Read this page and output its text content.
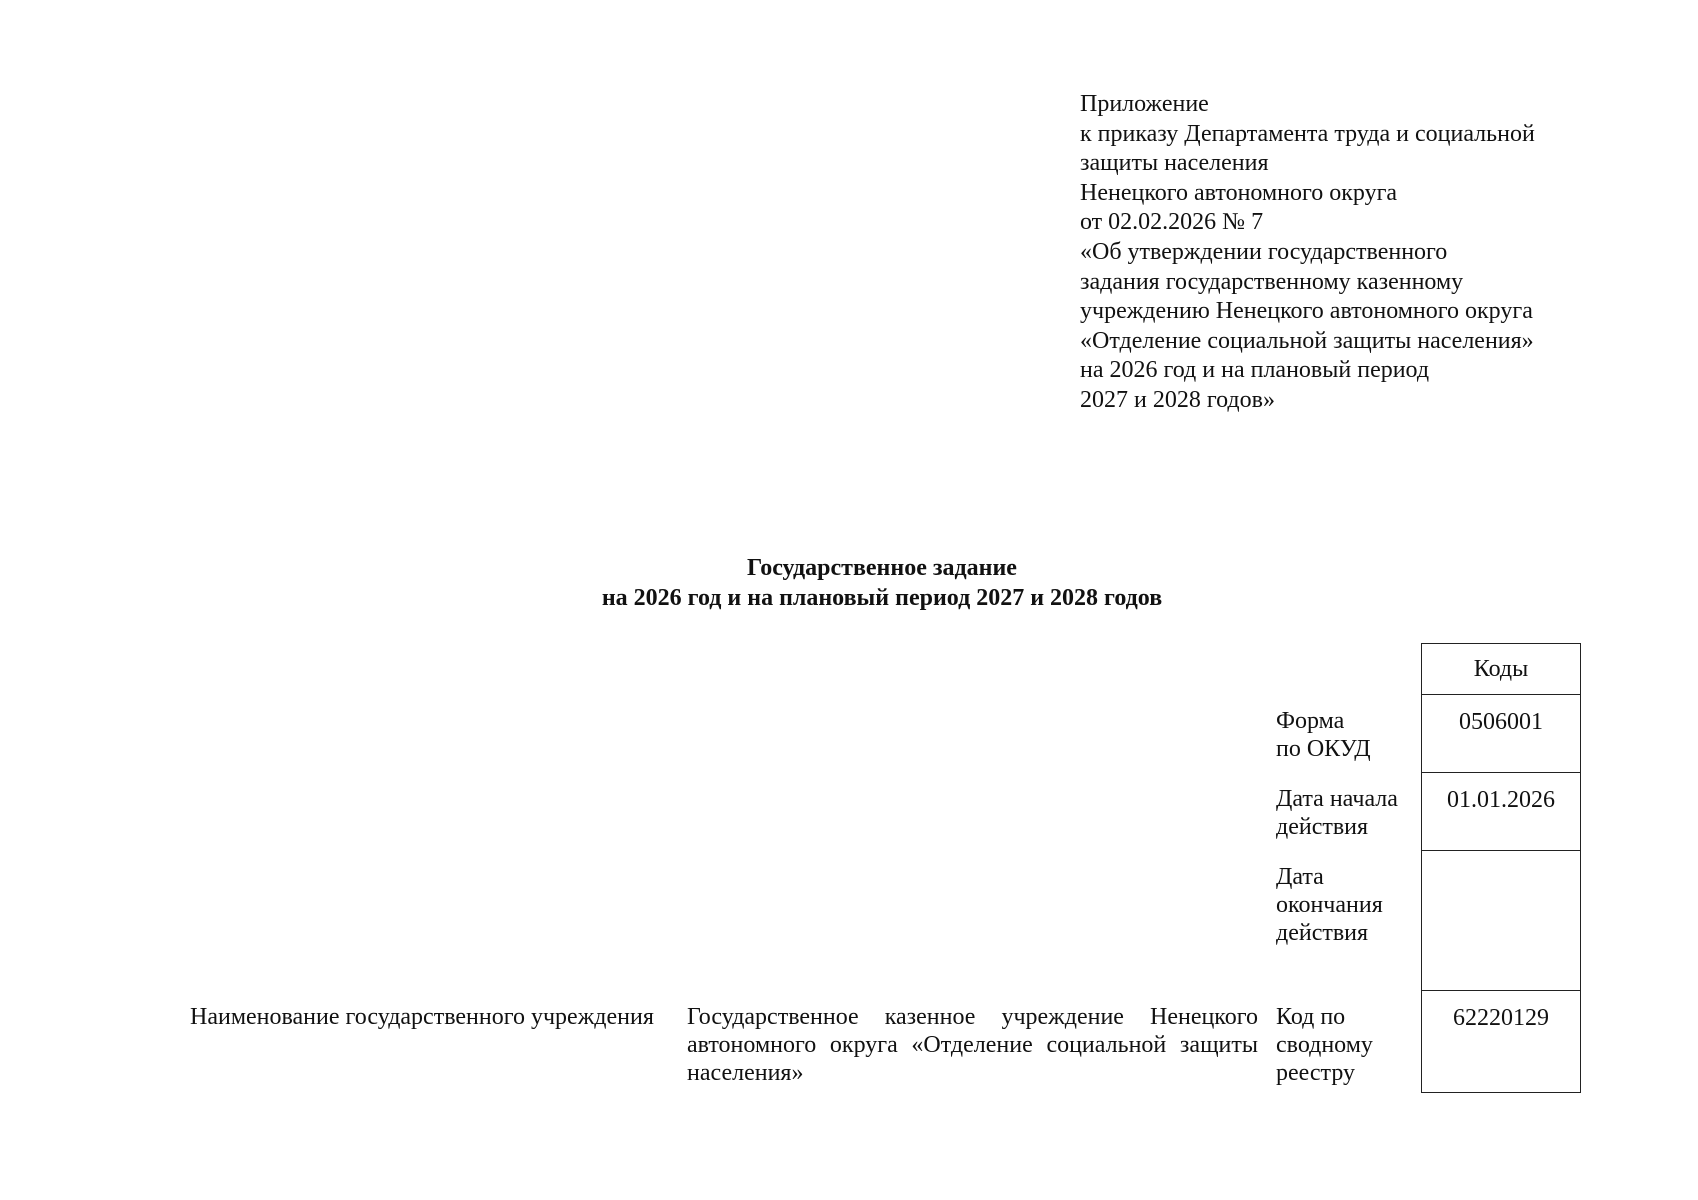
Приложение
к приказу Департамента труда и социальной
защиты населения
Ненецкого автономного округа
от 02.02.2026 № 7
«Об утверждении государственного
задания государственному казенному
учреждению Ненецкого автономного округа
«Отделение социальной защиты населения»
на 2026 год и на плановый период
2027 и 2028 годов»
Государственное задание
на 2026 год и на плановый период 2027 и 2028 годов
Коды
0506001
01.01.2026
62220129
Форма
по ОКУД
Дата начала
действия
Дата
окончания
действия
Код по
сводному
реестру
Наименование государственного учреждения Государственное казенное учреждение Ненецкого
автономного округа «Отделение социальной защиты
населения»
